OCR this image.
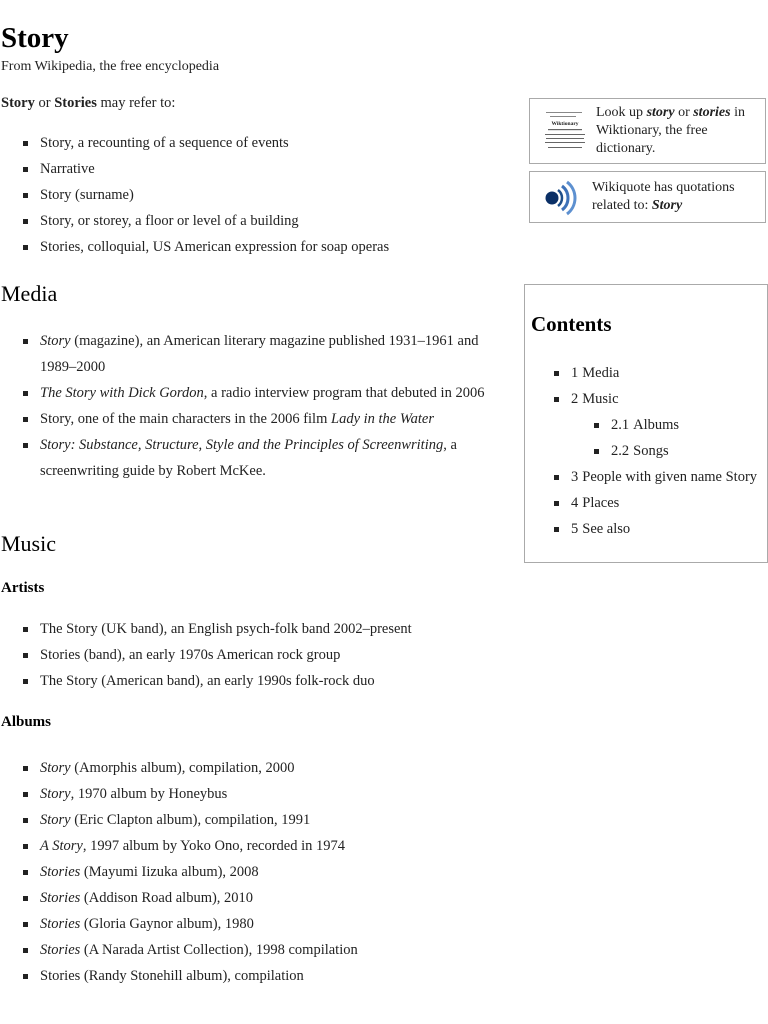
Story
From Wikipedia, the free encyclopedia
Story or Stories may refer to:
Story, a recounting of a sequence of events
Narrative
Story (surname)
Story, or storey, a floor or level of a building
Stories, colloquial, US American expression for soap operas
Media
Story (magazine), an American literary magazine published 1931–1961 and 1989–2000
The Story with Dick Gordon, a radio interview program that debuted in 2006
Story, one of the main characters in the 2006 film Lady in the Water
Story: Substance, Structure, Style and the Principles of Screenwriting, a screenwriting guide by Robert McKee.
Music
Artists
The Story (UK band), an English psych-folk band 2002–present
Stories (band), an early 1970s American rock group
The Story (American band), an early 1990s folk-rock duo
Albums
Story (Amorphis album), compilation, 2000
Story, 1970 album by Honeybus
Story (Eric Clapton album), compilation, 1991
A Story, 1997 album by Yoko Ono, recorded in 1974
Stories (Mayumi Iizuka album), 2008
Stories (Addison Road album), 2010
Stories (Gloria Gaynor album), 1980
Stories (A Narada Artist Collection), 1998 compilation
Stories (Randy Stonehill album), compilation
Wiktionary
Look up story or stories in Wiktionary, the free dictionary.
Wikiquote has quotations related to: Story
Contents
1 Media
2 Music
2.1 Albums
2.2 Songs
3 People with given name Story
4 Places
5 See also
